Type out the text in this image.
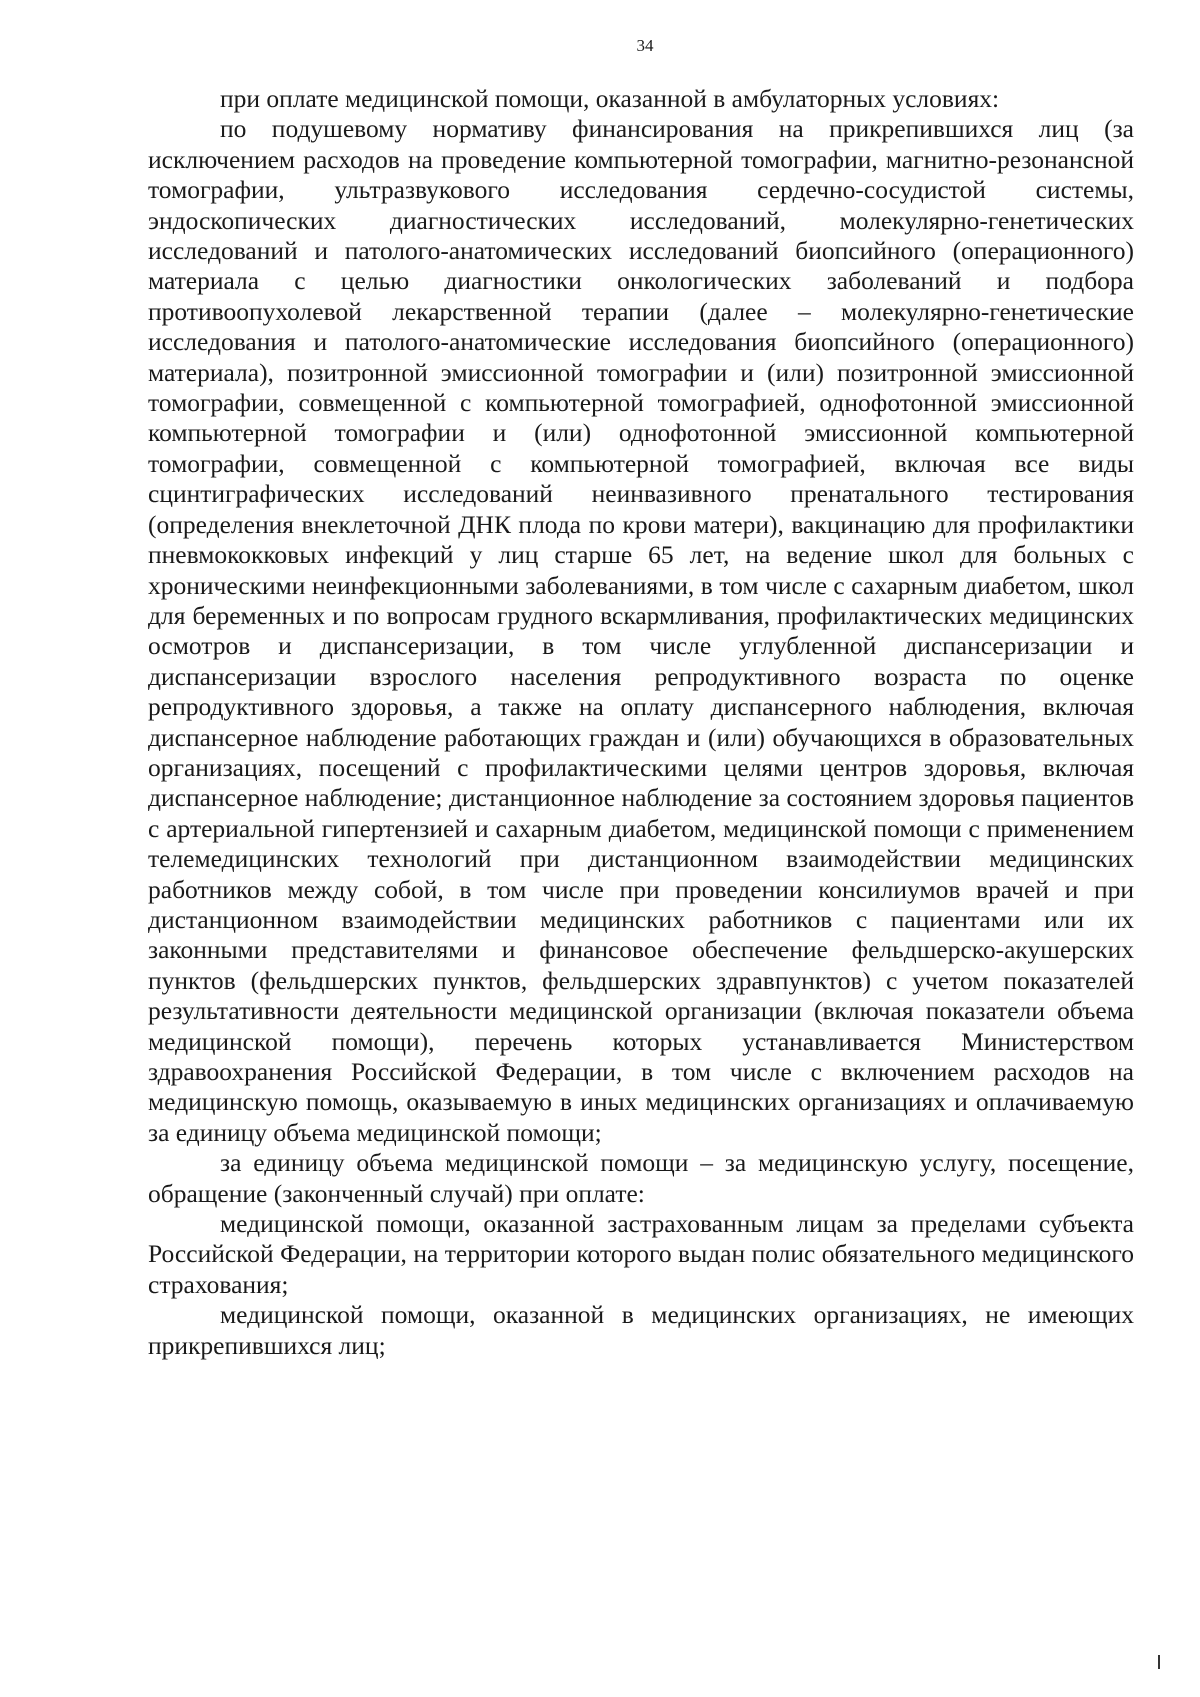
34

при оплате медицинской помощи, оказанной в амбулаторных условиях:

по подушевому нормативу финансирования на прикрепившихся лиц (за исключением расходов на проведение компьютерной томографии, магнитно-резонансной томографии, ультразвукового исследования сердечно-сосудистой системы, эндоскопических диагностических исследований, молекулярно-генетических исследований и патолого-анатомических исследований биопсийного (операционного) материала с целью диагностики онкологических заболеваний и подбора противоопухолевой лекарственной терапии (далее – молекулярно-генетические исследования и патолого-анатомические исследования биопсийного (операционного) материала), позитронной эмиссионной томографии и (или) позитронной эмиссионной томографии, совмещенной с компьютерной томографией, однофотонной эмиссионной компьютерной томографии и (или) однофотонной эмиссионной компьютерной томографии, совмещенной с компьютерной томографией, включая все виды сцинтиграфических исследований неинвазивного пренатального тестирования (определения внеклеточной ДНК плода по крови матери), вакцинацию для профилактики пневмококковых инфекций у лиц старше 65 лет, на ведение школ для больных с хроническими неинфекционными заболеваниями, в том числе с сахарным диабетом, школ для беременных и по вопросам грудного вскармливания, профилактических медицинских осмотров и диспансеризации, в том числе углубленной диспансеризации и диспансеризации взрослого населения репродуктивного возраста по оценке репродуктивного здоровья, а также на оплату диспансерного наблюдения, включая диспансерное наблюдение работающих граждан и (или) обучающихся в образовательных организациях, посещений с профилактическими целями центров здоровья, включая диспансерное наблюдение; дистанционное наблюдение за состоянием здоровья пациентов с артериальной гипертензией и сахарным диабетом, медицинской помощи с применением телемедицинских технологий при дистанционном взаимодействии медицинских работников между собой, в том числе при проведении консилиумов врачей и при дистанционном взаимодействии медицинских работников с пациентами или их законными представителями и финансовое обеспечение фельдшерско-акушерских пунктов (фельдшерских пунктов, фельдшерских здравпунктов) с учетом показателей результативности деятельности медицинской организации (включая показатели объема медицинской помощи), перечень которых устанавливается Министерством здравоохранения Российской Федерации, в том числе с включением расходов на медицинскую помощь, оказываемую в иных медицинских организациях и оплачиваемую за единицу объема медицинской помощи;

за единицу объема медицинской помощи – за медицинскую услугу, посещение, обращение (законченный случай) при оплате:

медицинской помощи, оказанной застрахованным лицам за пределами субъекта Российской Федерации, на территории которого выдан полис обязательного медицинского страхования;

медицинской помощи, оказанной в медицинских организациях, не имеющих прикрепившихся лиц;
